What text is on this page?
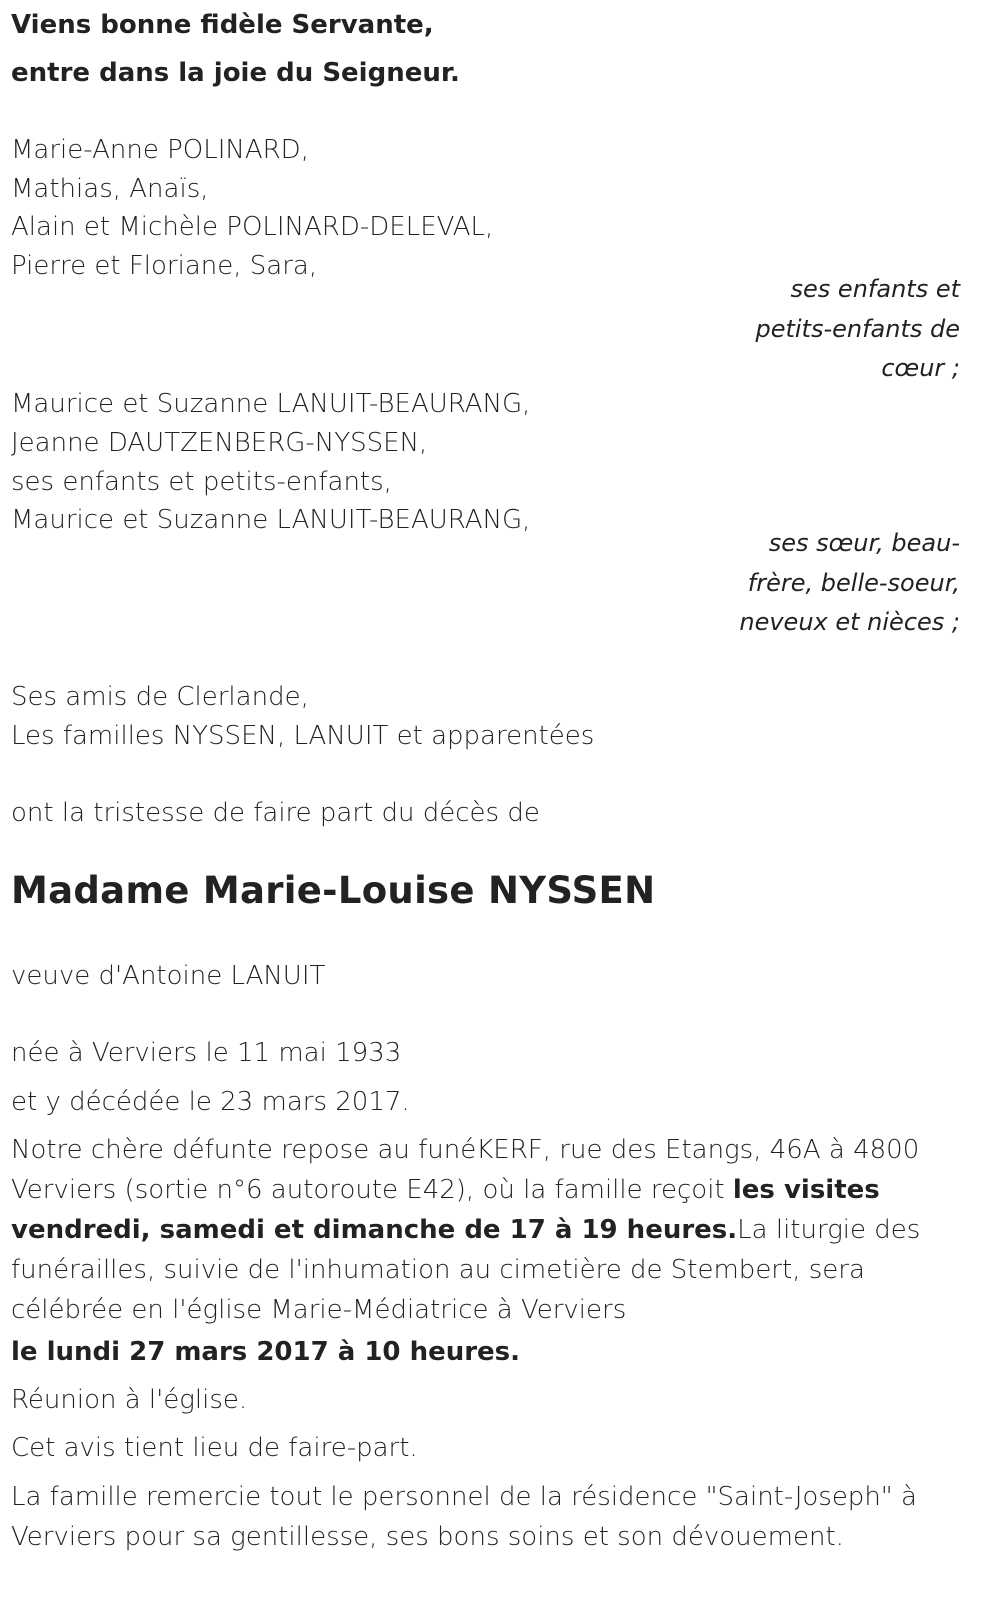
Viens bonne fidèle Servante,
entre dans la joie du Seigneur.
Marie-Anne POLINARD,
Mathias, Anaïs,
Alain et Michèle POLINARD-DELEVAL,
Pierre et Floriane, Sara,
ses enfants et petits-enfants de cœur ;
Maurice et Suzanne LANUIT-BEAURANG,
Jeanne DAUTZENBERG-NYSSEN,
ses enfants et petits-enfants,
Maurice et Suzanne LANUIT-BEAURANG,
ses sœur, beau-frère, belle-soeur, neveux et nièces ;
Ses amis de Clerlande,
Les familles NYSSEN, LANUIT et apparentées
ont la tristesse de faire part du décès de
Madame Marie-Louise NYSSEN
veuve d'Antoine LANUIT
née à Verviers le 11 mai 1933
et y décédée le 23 mars 2017.
Notre chère défunte repose au funéKERF, rue des Etangs, 46A à 4800 Verviers (sortie n°6 autoroute E42), où la famille reçoit les visites vendredi, samedi et dimanche de 17 à 19 heures.La liturgie des funérailles, suivie de l'inhumation au cimetière de Stembert, sera célébrée en l'église Marie-Médiatrice à Verviers
le lundi 27 mars 2017 à 10 heures.
Réunion à l'église.
Cet avis tient lieu de faire-part.
La famille remercie tout le personnel de la résidence "Saint-Joseph" à Verviers pour sa gentillesse, ses bons soins et son dévouement.
